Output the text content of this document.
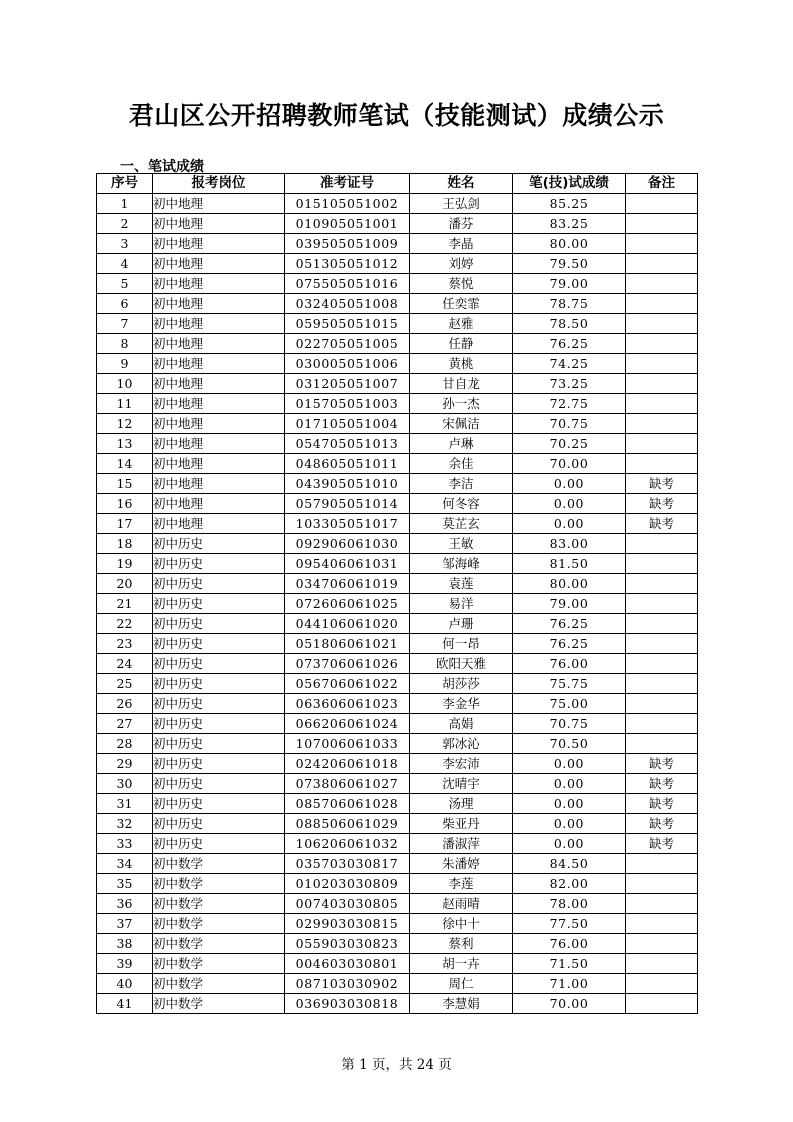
君山区公开招聘教师笔试（技能测试）成绩公示
一、笔试成绩
序号	报考岗位	准考证号	姓名	笔(技)试成绩	备注
1	初中地理	015105051002	王弘剑	85.25	
2	初中地理	010905051001	潘芬	83.25	
3	初中地理	039505051009	李晶	80.00	
4	初中地理	051305051012	刘婷	79.50	
5	初中地理	075505051016	蔡悦	79.00	
6	初中地理	032405051008	任奕霏	78.75	
7	初中地理	059505051015	赵雅	78.50	
8	初中地理	022705051005	任静	76.25	
9	初中地理	030005051006	黄桃	74.25	
10	初中地理	031205051007	甘自龙	73.25	
11	初中地理	015705051003	孙一杰	72.75	
12	初中地理	017105051004	宋佩洁	70.75	
13	初中地理	054705051013	卢琳	70.25	
14	初中地理	048605051011	余佳	70.00	
15	初中地理	043905051010	李洁	0.00	缺考
16	初中地理	057905051014	何冬容	0.00	缺考
17	初中地理	103305051017	莫芷玄	0.00	缺考
18	初中历史	092906061030	王敏	83.00	
19	初中历史	095406061031	邹海峰	81.50	
20	初中历史	034706061019	袁莲	80.00	
21	初中历史	072606061025	易洋	79.00	
22	初中历史	044106061020	卢珊	76.25	
23	初中历史	051806061021	何一昂	76.25	
24	初中历史	073706061026	欧阳天雅	76.00	
25	初中历史	056706061022	胡莎莎	75.75	
26	初中历史	063606061023	李金华	75.00	
27	初中历史	066206061024	高娟	70.75	
28	初中历史	107006061033	郭冰沁	70.50	
29	初中历史	024206061018	李宏沛	0.00	缺考
30	初中历史	073806061027	沈晴宇	0.00	缺考
31	初中历史	085706061028	汤理	0.00	缺考
32	初中历史	088506061029	柴亚丹	0.00	缺考
33	初中历史	106206061032	潘淑萍	0.00	缺考
34	初中数学	035703030817	朱潘婷	84.50	
35	初中数学	010203030809	李莲	82.00	
36	初中数学	007403030805	赵雨晴	78.00	
37	初中数学	029903030815	徐中十	77.50	
38	初中数学	055903030823	蔡利	76.00	
39	初中数学	004603030801	胡一卉	71.50	
40	初中数学	087103030902	周仁	71.00	
41	初中数学	036903030818	李慧娟	70.00	
第 1 页，共 24 页
